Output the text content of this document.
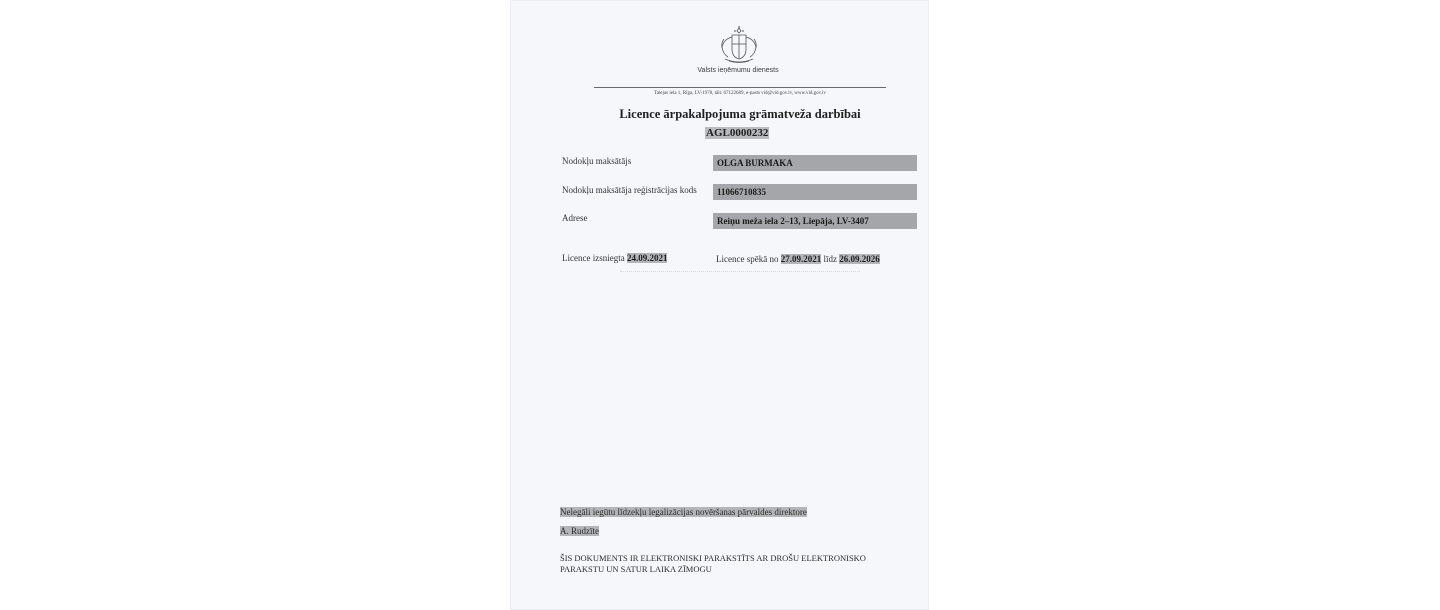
Valsts ieņēmumu dienests
Talejas iela 1, Rīga, LV-1978, tālr. 67122689, e-pasts vid@vid.gov.lv, www.vid.gov.lv
Licence ārpakalpojuma grāmatveža darbībai
AGL0000232
Nodokļu maksātājs	OLGA BURMAKA
Nodokļu maksātāja reģistrācijas kods	11066710835
Adrese	Reiņu meža iela 2–13, Liepāja, LV-3407
Licence izsniegta 24.09.2021	Licence spēkā no 27.09.2021 līdz 26.09.2026
Nelegāli iegūtu līdzekļu legalizācijas novēršanas pārvaldes direktore
A. Rudzīte
ŠIS DOKUMENTS IR ELEKTRONISKI PARAKSTĪTS AR DROŠU ELEKTRONISKO
PARAKSTU UN SATUR LAIKA ZĪMOGU
